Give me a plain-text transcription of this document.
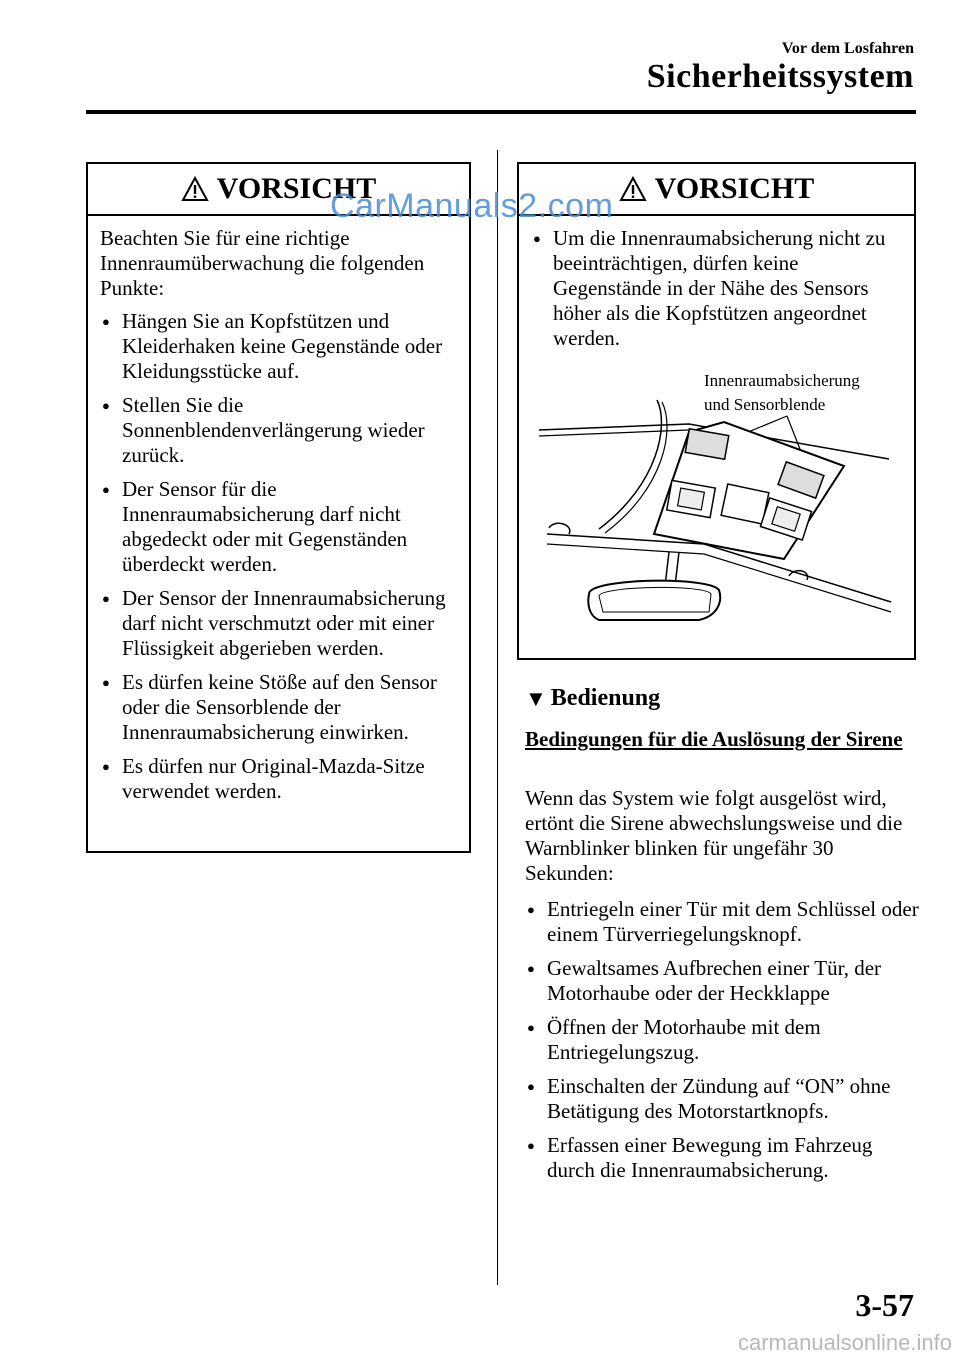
Vor dem Losfahren
Sicherheitssystem
VORSICHT

Beachten Sie für eine richtige Innenraumüberwachung die folgenden Punkte:

● Hängen Sie an Kopfstützen und Kleiderhaken keine Gegenstände oder Kleidungsstücke auf.
● Stellen Sie die Sonnenblendenverlängerung wieder zurück.
● Der Sensor für die Innenraumabsicherung darf nicht abgedeckt oder mit Gegenständen überdeckt werden.
● Der Sensor der Innenraumabsicherung darf nicht verschmutzt oder mit einer Flüssigkeit abgerieben werden.
● Es dürfen keine Stöße auf den Sensor oder die Sensorblende der Innenraumabsicherung einwirken.
● Es dürfen nur Original-Mazda-Sitze verwendet werden.
VORSICHT
● Um die Innenraumabsicherung nicht zu beeinträchtigen, dürfen keine Gegenstände in der Nähe des Sensors höher als die Kopfstützen angeordnet werden.
Innenraumabsicherung
und Sensorblende
CarManuals2.com
▼ Bedienung
Bedingungen für die Auslösung der Sirene
Wenn das System wie folgt ausgelöst wird, ertönt die Sirene abwechslungsweise und die Warnblinker blinken für ungefähr 30 Sekunden:
● Entriegeln einer Tür mit dem Schlüssel oder einem Türverriegelungsknopf.
● Gewaltsames Aufbrechen einer Tür, der Motorhaube oder der Heckklappe
● Öffnen der Motorhaube mit dem Entriegelungszug.
● Einschalten der Zündung auf “ON” ohne Betätigung des Motorstartknopfs.
● Erfassen einer Bewegung im Fahrzeug durch die Innenraumabsicherung.
3-57
carmanualsonline.info
